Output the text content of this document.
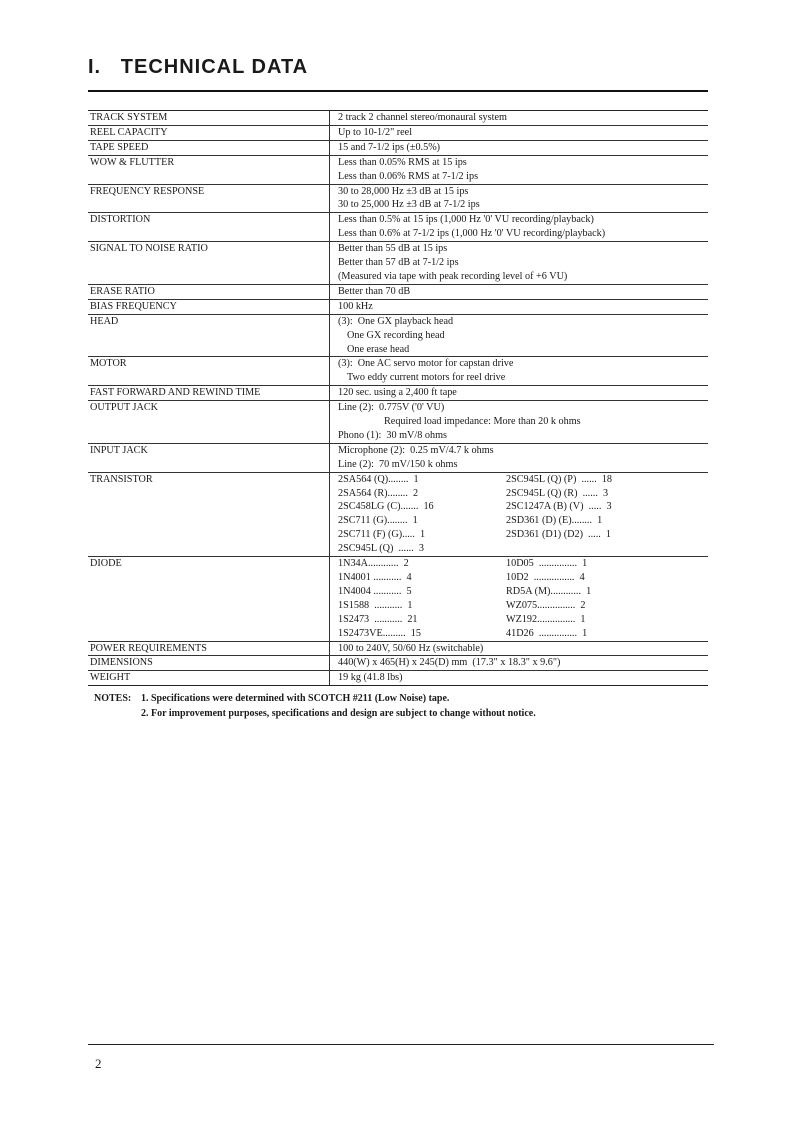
I. TECHNICAL DATA
TRACK SYSTEM	2 track 2 channel stereo/monaural system
REEL CAPACITY	Up to 10-1/2" reel
TAPE SPEED	15 and 7-1/2 ips (±0.5%)
WOW & FLUTTER	Less than 0.05% RMS at 15 ips
Less than 0.06% RMS at 7-1/2 ips
FREQUENCY RESPONSE	30 to 28,000 Hz ±3 dB at 15 ips
30 to 25,000 Hz ±3 dB at 7-1/2 ips
DISTORTION	Less than 0.5% at 15 ips (1,000 Hz '0' VU recording/playback)
Less than 0.6% at 7-1/2 ips (1,000 Hz '0' VU recording/playback)
SIGNAL TO NOISE RATIO	Better than 55 dB at 15 ips
Better than 57 dB at 7-1/2 ips
(Measured via tape with peak recording level of +6 VU)
ERASE RATIO	Better than 70 dB
BIAS FREQUENCY	100 kHz
HEAD	(3):  One GX playback head
One GX recording head
One erase head
MOTOR	(3):  One AC servo motor for capstan drive
Two eddy current motors for reel drive
FAST FORWARD AND REWIND TIME	120 sec. using a 2,400 ft tape
OUTPUT JACK	Line (2):  0.775V ('0' VU)
Required load impedance: More than 20 k ohms
Phono (1):  30 mV/8 ohms
INPUT JACK	Microphone (2):  0.25 mV/4.7 k ohms
Line (2):  70 mV/150 k ohms
TRANSISTOR	2SA564 (Q)........  1	2SC945L (Q) (P)  ......  18
2SA564 (R)........  2	2SC945L (Q) (R)  ......  3
2SC458LG (C).......  16	2SC1247A (B) (V)  .....  3
2SC711 (G)........  1	2SD361 (D) (E)........  1
2SC711 (F) (G).....  1	2SD361 (D1) (D2)  .....  1
2SC945L (Q)  ......  3
DIODE	1N34A............  2	10D05  ...............  1
1N4001 ...........  4	10D2  ................  4
1N4004 ...........  5	RD5A (M)............  1
1S1588  ...........  1	WZ075...............  2
1S2473  ...........  21	WZ192...............  1
1S2473VE.........  15	41D26  ...............  1
POWER REQUIREMENTS	100 to 240V, 50/60 Hz (switchable)
DIMENSIONS	440(W) x 465(H) x 245(D) mm  (17.3" x 18.3" x 9.6")
WEIGHT	19 kg (41.8 lbs)
NOTES: 1. Specifications were determined with SCOTCH #211 (Low Noise) tape.
2. For improvement purposes, specifications and design are subject to change without notice.
2
